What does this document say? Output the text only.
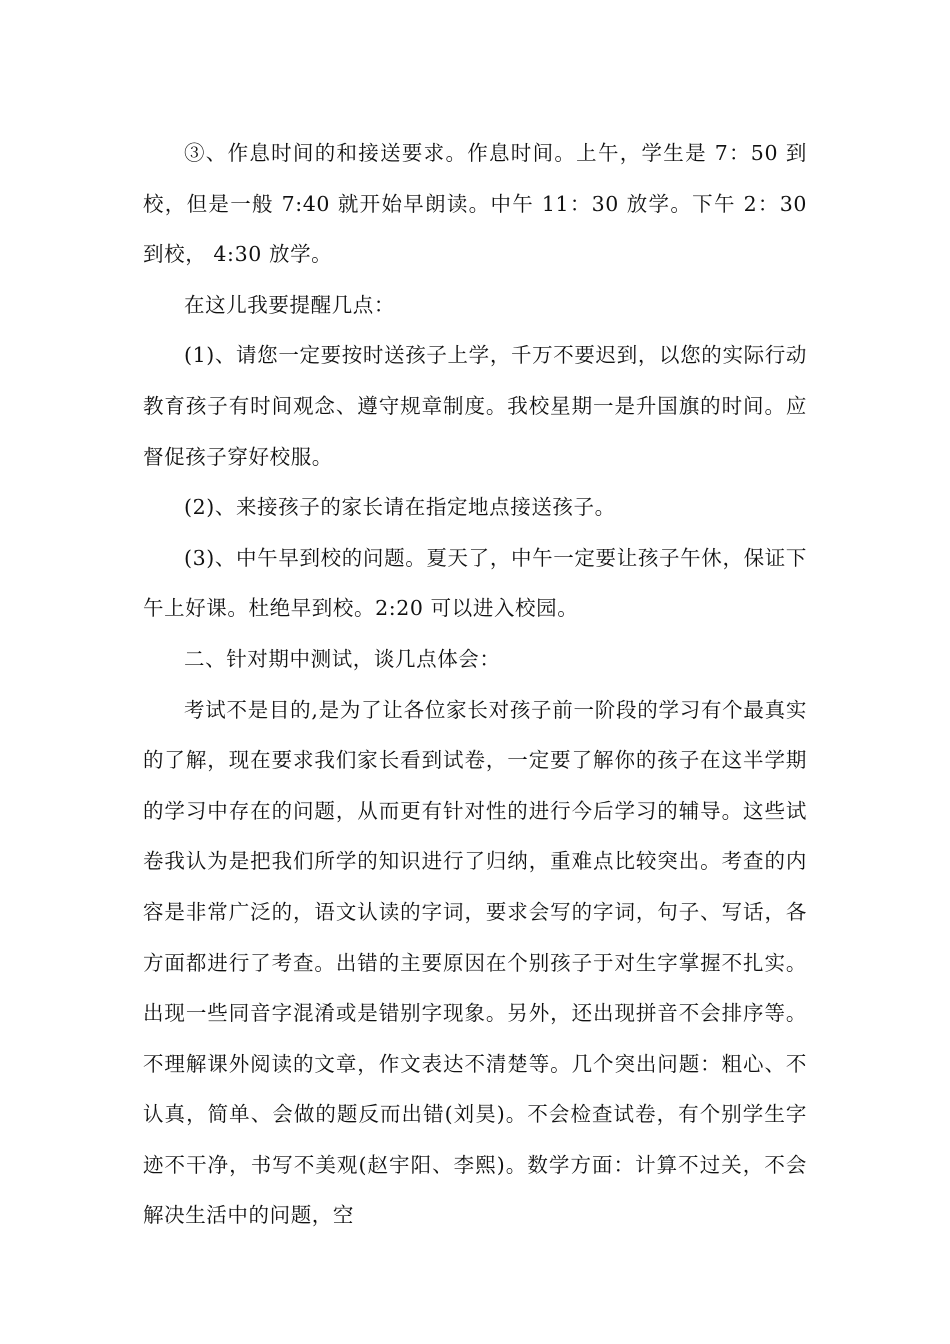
③、作息时间的和接送要求。作息时间。上午，学生是 7：50 到校，但是一般 7:40 就开始早朗读。中午 11：30 放学。下午 2：30 到校， 4:30 放学。

在这儿我要提醒几点：

(1)、请您一定要按时送孩子上学，千万不要迟到，以您的实际行动教育孩子有时间观念、遵守规章制度。我校星期一是升国旗的时间。应督促孩子穿好校服。

(2)、来接孩子的家长请在指定地点接送孩子。

(3)、中午早到校的问题。夏天了，中午一定要让孩子午休，保证下午上好课。杜绝早到校。2:20 可以进入校园。

二、针对期中测试，谈几点体会：

考试不是目的,是为了让各位家长对孩子前一阶段的学习有个最真实的了解，现在要求我们家长看到试卷，一定要了解你的孩子在这半学期的学习中存在的问题，从而更有针对性的进行今后学习的辅导。这些试卷我认为是把我们所学的知识进行了归纳，重难点比较突出。考查的内容是非常广泛的，语文认读的字词，要求会写的字词，句子、写话，各方面都进行了考查。出错的主要原因在个别孩子于对生字掌握不扎实。出现一些同音字混淆或是错别字现象。另外，还出现拼音不会排序等。不理解课外阅读的文章，作文表达不清楚等。几个突出问题：粗心、不认真，简单、会做的题反而出错(刘昊)。不会检查试卷，有个别学生字迹不干净，书写不美观(赵宇阳、李熙)。数学方面：计算不过关，不会解决生活中的问题，空
